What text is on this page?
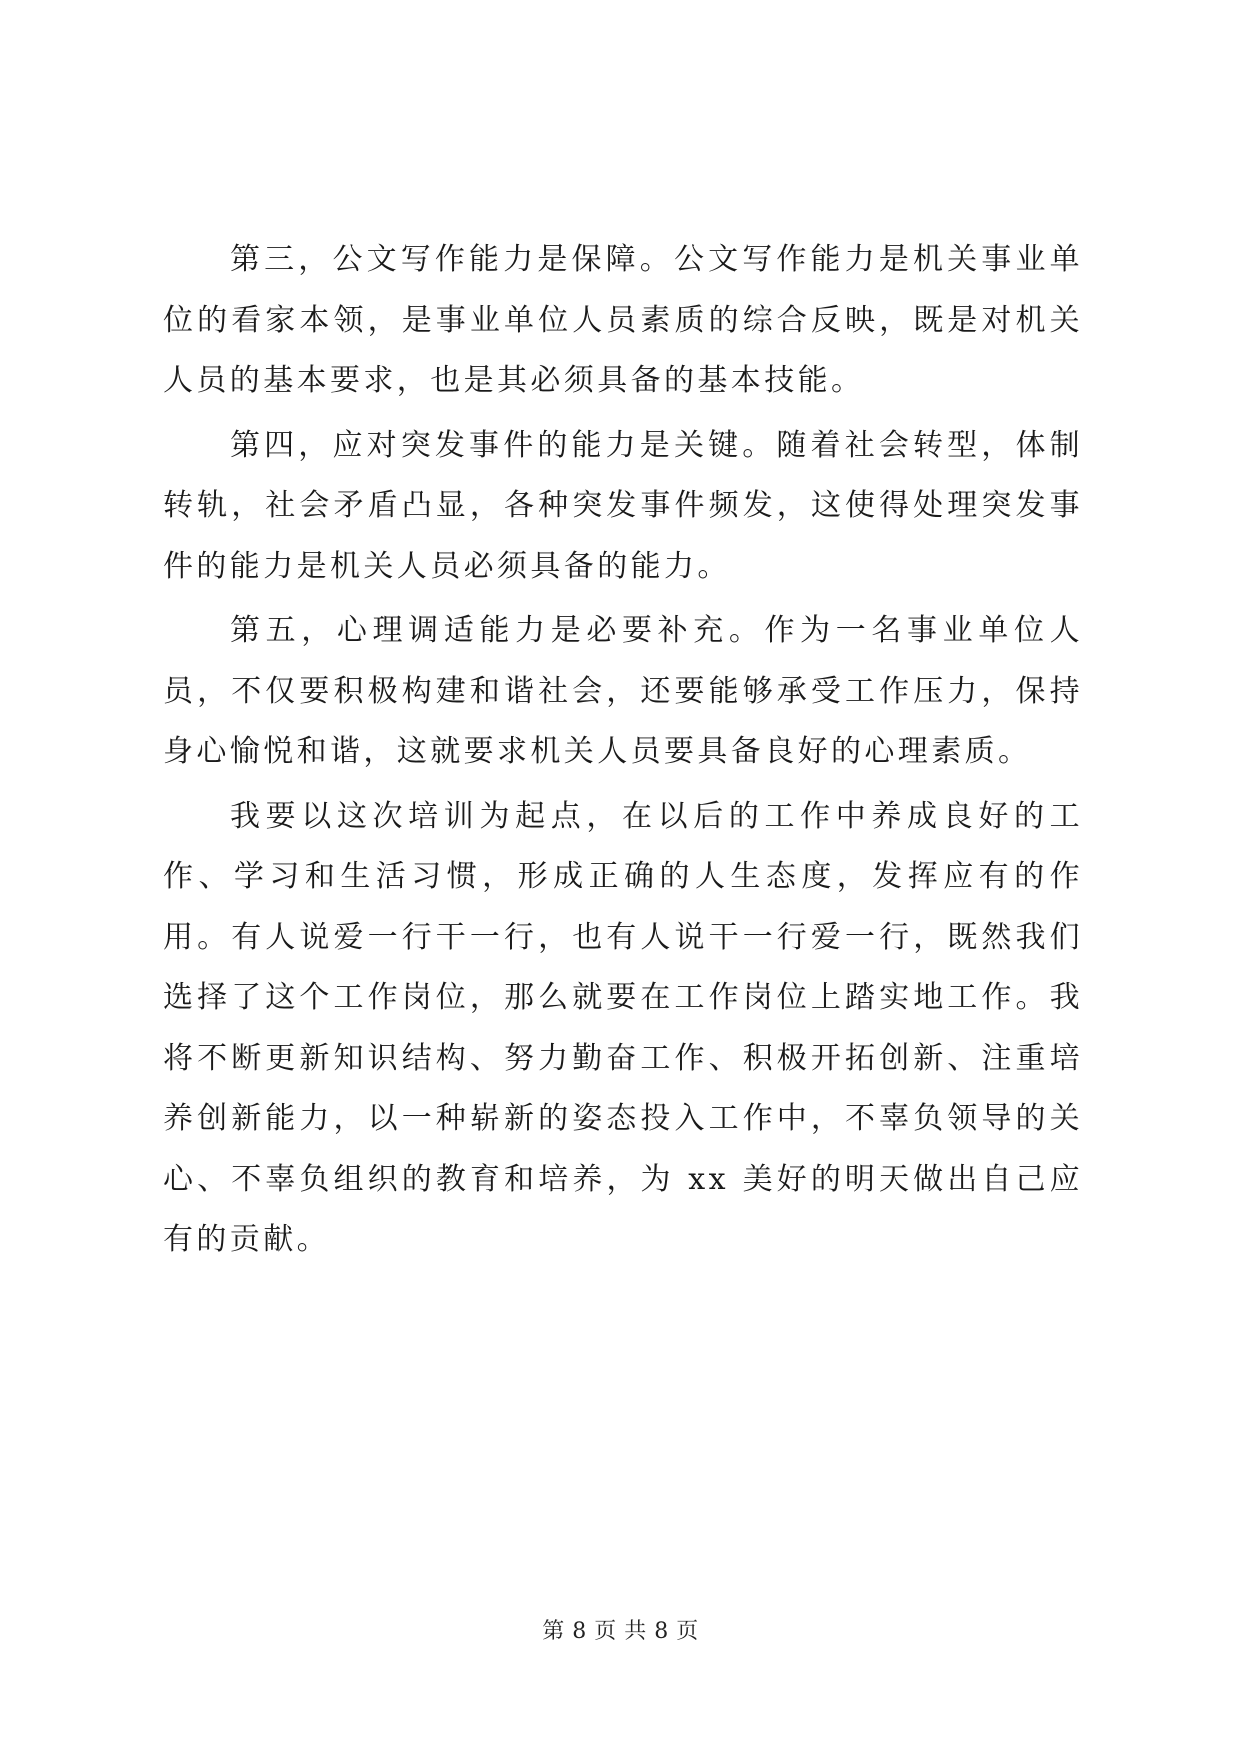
第三，公文写作能力是保障。公文写作能力是机关事业单位的看家本领，是事业单位人员素质的综合反映，既是对机关人员的基本要求，也是其必须具备的基本技能。

第四，应对突发事件的能力是关键。随着社会转型，体制转轨，社会矛盾凸显，各种突发事件频发，这使得处理突发事件的能力是机关人员必须具备的能力。

第五，心理调适能力是必要补充。作为一名事业单位人员，不仅要积极构建和谐社会，还要能够承受工作压力，保持身心愉悦和谐，这就要求机关人员要具备良好的心理素质。

我要以这次培训为起点，在以后的工作中养成良好的工作、学习和生活习惯，形成正确的人生态度，发挥应有的作用。有人说爱一行干一行，也有人说干一行爱一行，既然我们选择了这个工作岗位，那么就要在工作岗位上踏实地工作。我将不断更新知识结构、努力勤奋工作、积极开拓创新、注重培养创新能力，以一种崭新的姿态投入工作中，不辜负领导的关心、不辜负组织的教育和培养，为 xx 美好的明天做出自己应有的贡献。

第 8 页 共 8 页
